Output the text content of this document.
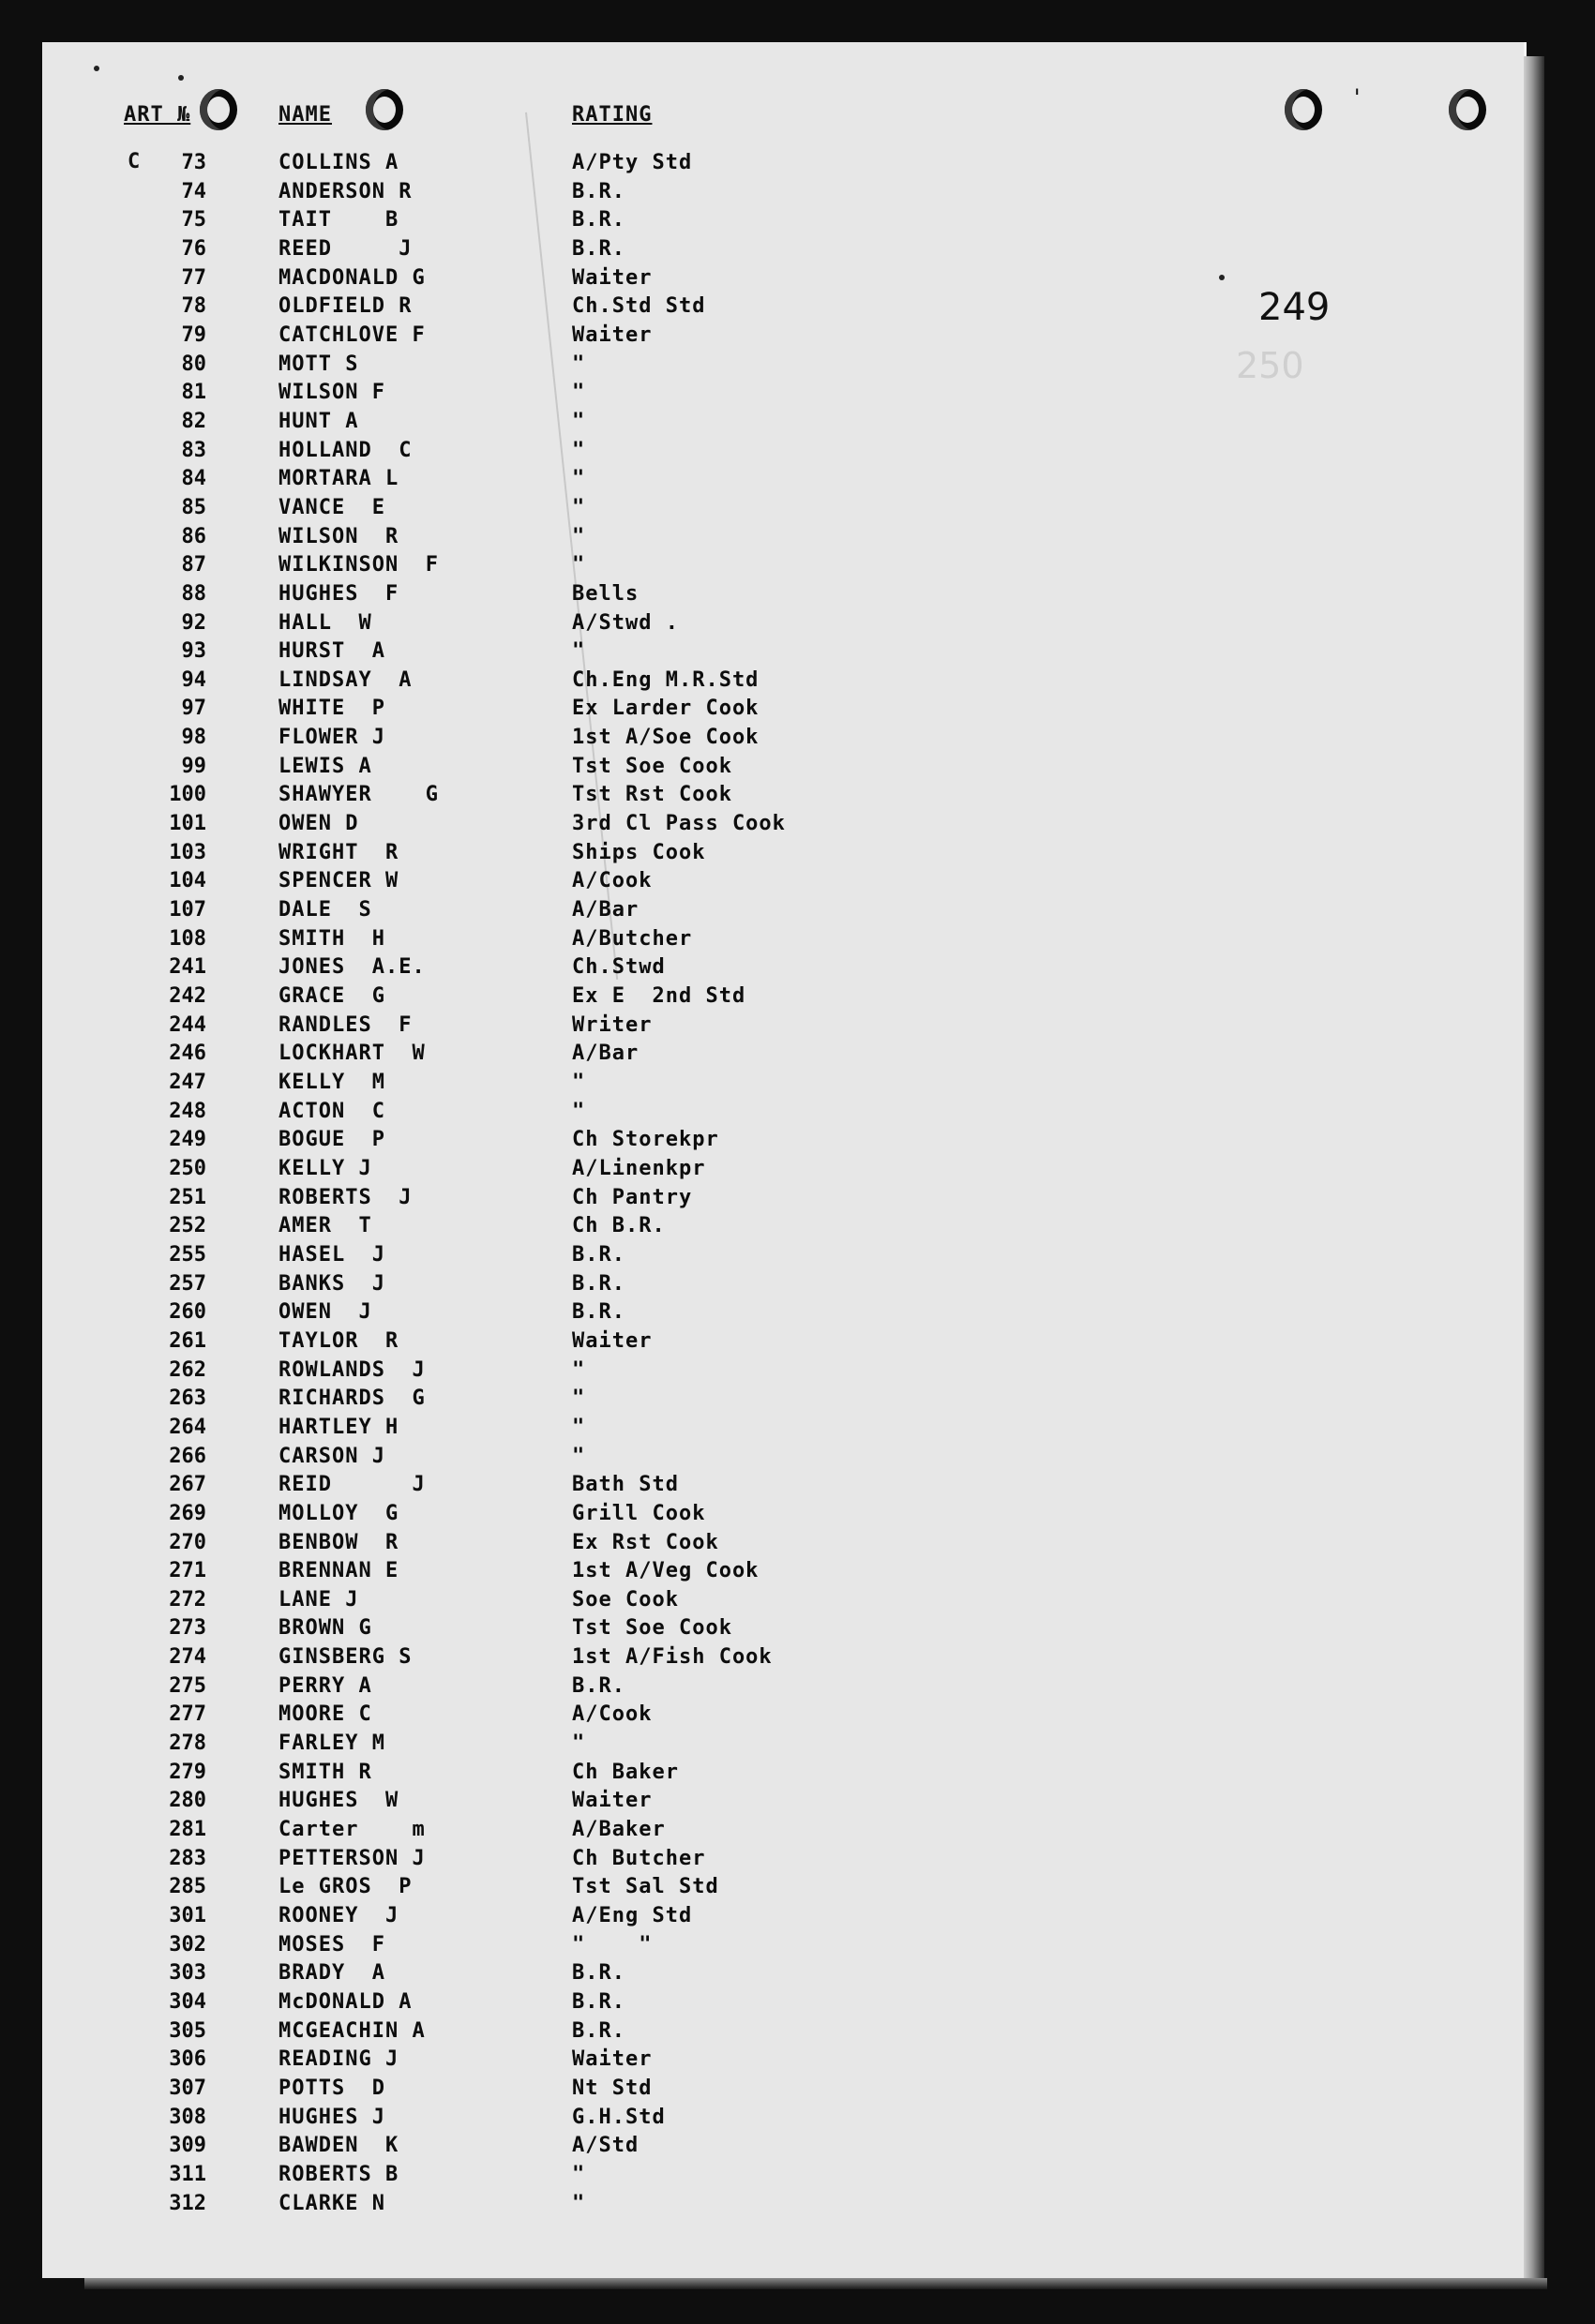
ART №	NAME	RATING
'
249
250
C	73	COLLINS A	A/Pty Std
74	ANDERSON R	B.R.
75	TAIT    B	B.R.
76	REED     J	B.R.
77	MACDONALD G	Waiter
78	OLDFIELD R	Ch.Std Std
79	CATCHLOVE F	Waiter
80	MOTT S	"
81	WILSON F	"
82	HUNT A	"
83	HOLLAND  C	"
84	MORTARA L	"
85	VANCE  E	"
86	WILSON  R	"
87	WILKINSON  F	"
88	HUGHES  F	Bells
92	HALL  W	A/Stwd .
93	HURST  A	"
94	LINDSAY  A	Ch.Eng M.R.Std
97	WHITE  P	Ex Larder Cook
98	FLOWER J	1st A/Soe Cook
99	LEWIS A	Tst Soe Cook
100	SHAWYER    G	Tst Rst Cook
101	OWEN D	3rd Cl Pass Cook
103	WRIGHT  R	Ships Cook
104	SPENCER W	A/Cook
107	DALE  S	A/Bar
108	SMITH  H	A/Butcher
241	JONES  A.E.	Ch.Stwd
242	GRACE  G	Ex E  2nd Std
244	RANDLES  F	Writer
246	LOCKHART  W	A/Bar
247	KELLY  M	"
248	ACTON  C	"
249	BOGUE  P	Ch Storekpr
250	KELLY J	A/Linenkpr
251	ROBERTS  J	Ch Pantry
252	AMER  T	Ch B.R.
255	HASEL  J	B.R.
257	BANKS  J	B.R.
260	OWEN  J	B.R.
261	TAYLOR  R	Waiter
262	ROWLANDS  J	"
263	RICHARDS  G	"
264	HARTLEY H	"
266	CARSON J	"
267	REID      J	Bath Std
269	MOLLOY  G	Grill Cook
270	BENBOW  R	Ex Rst Cook
271	BRENNAN E	1st A/Veg Cook
272	LANE J	Soe Cook
273	BROWN G	Tst Soe Cook
274	GINSBERG S	1st A/Fish Cook
275	PERRY A	B.R.
277	MOORE C	A/Cook
278	FARLEY M	"
279	SMITH R	Ch Baker
280	HUGHES  W	Waiter
281	Carter    m	A/Baker
283	PETTERSON J	Ch Butcher
285	Le GROS  P	Tst Sal Std
301	ROONEY  J	A/Eng Std
302	MOSES  F	"    "
303	BRADY  A	B.R.
304	McDONALD A	B.R.
305	MCGEACHIN A	B.R.
306	READING J	Waiter
307	POTTS  D	Nt Std
308	HUGHES J	G.H.Std
309	BAWDEN  K	A/Std
311	ROBERTS B	"
312	CLARKE N	"
